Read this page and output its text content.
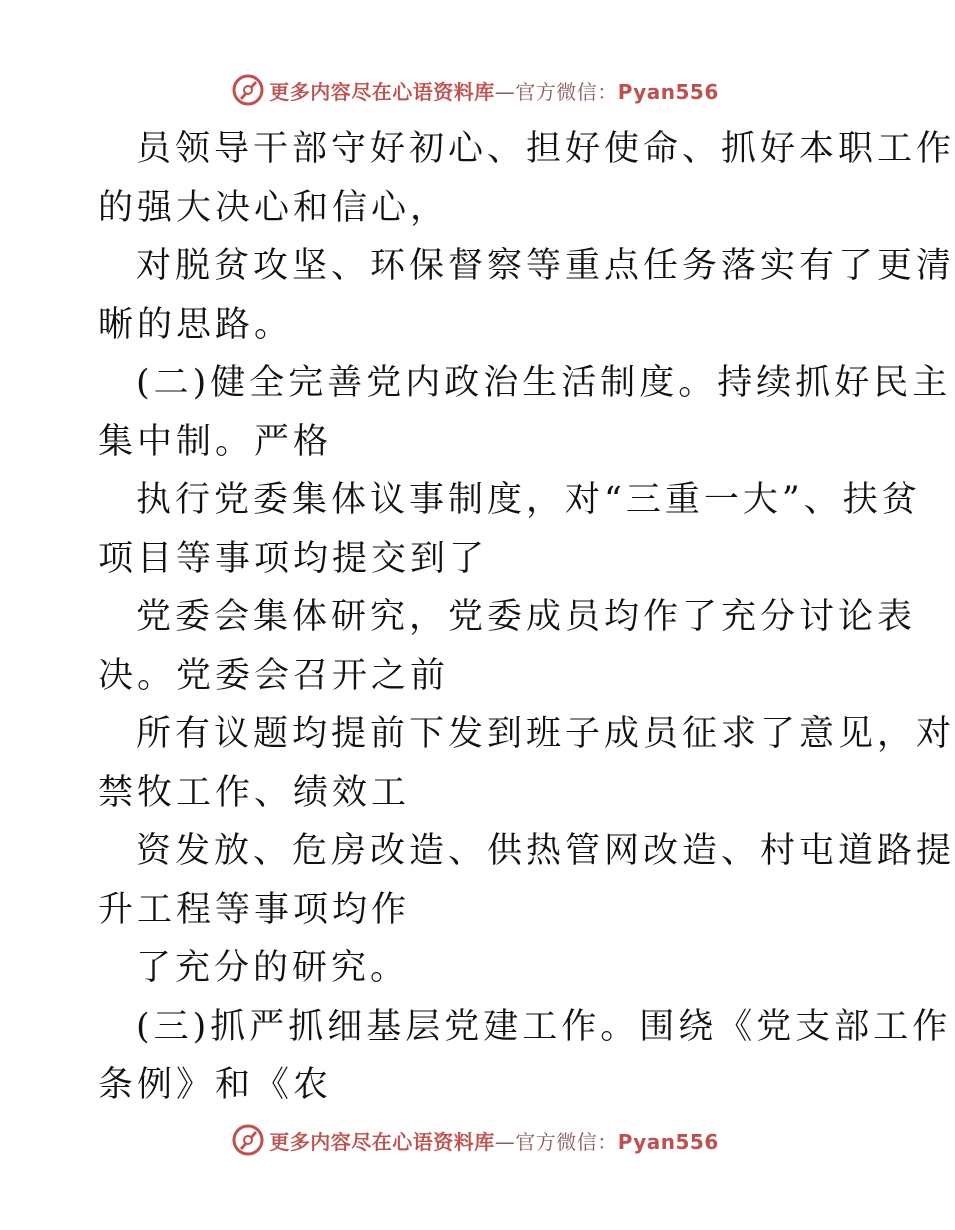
更多内容尽在心语资料库—官方微信：Pyan556
员领导干部守好初心、担好使命、抓好本职工作
的强大决心和信心，
对脱贫攻坚、环保督察等重点任务落实有了更清
晰的思路。
(二)健全完善党内政治生活制度。持续抓好民主
集中制。严格
执行党委集体议事制度，对“三重一大”、扶贫
项目等事项均提交到了
党委会集体研究，党委成员均作了充分讨论表
决。党委会召开之前
所有议题均提前下发到班子成员征求了意见，对
禁牧工作、绩效工
资发放、危房改造、供热管网改造、村屯道路提
升工程等事项均作
了充分的研究。
(三)抓严抓细基层党建工作。围绕《党支部工作
条例》和《农
更多内容尽在心语资料库—官方微信：Pyan556
